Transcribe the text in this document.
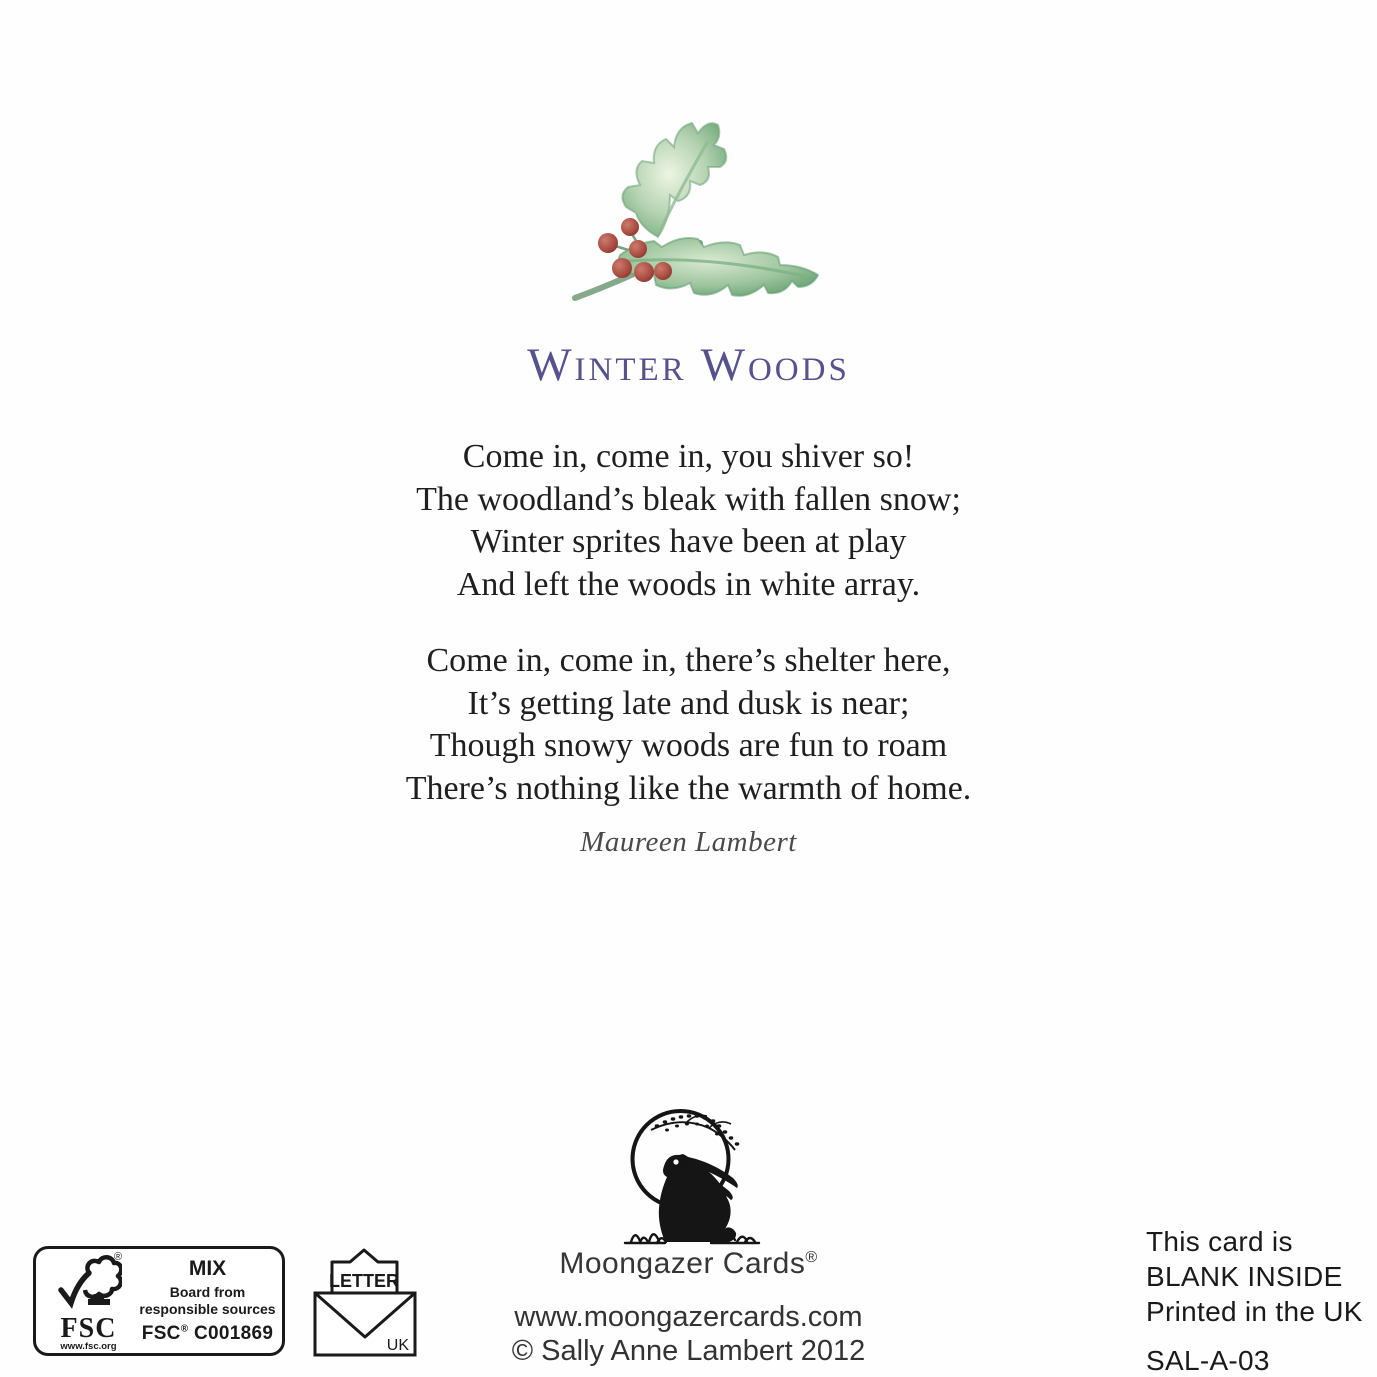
Winter Woods

Come in, come in, you shiver so!
The woodland’s bleak with fallen snow;
Winter sprites have been at play
And left the woods in white array.

Come in, come in, there’s shelter here,
It’s getting late and dusk is near;
Though snowy woods are fun to roam
There’s nothing like the warmth of home.

Maureen Lambert
Moongazer Cards®
www.moongazercards.com
© Sally Anne Lambert 2012
®
FSC
www.fsc.org
MIX
Board from
responsible sources
FSC® C001869
LETTER
UK
This card is
BLANK INSIDE
Printed in the UK
SAL-A-03
